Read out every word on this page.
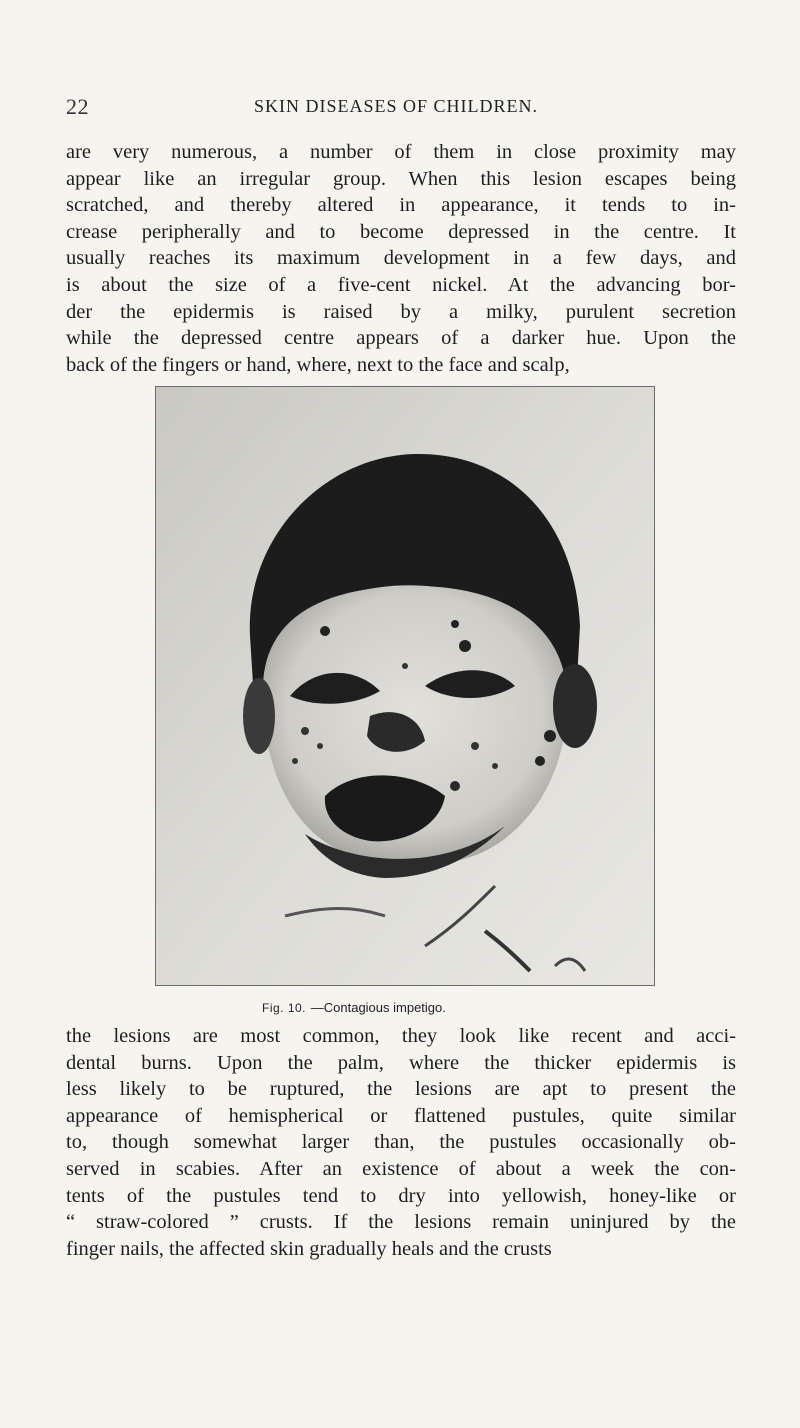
22	SKIN DISEASES OF CHILDREN.
are very numerous, a number of them in close proximity may
appear like an irregular group. When this lesion escapes being
scratched, and thereby altered in appearance, it tends to in-
crease peripherally and to become depressed in the centre. It
usually reaches its maximum development in a few days, and
is about the size of a five-cent nickel. At the advancing bor-
der the epidermis is raised by a milky, purulent secretion
while the depressed centre appears of a darker hue. Upon the
back of the fingers or hand, where, next to the face and scalp,
Fig. 10.  —Contagious impetigo.
the lesions are most common, they look like recent and acci-
dental burns. Upon the palm, where the thicker epidermis is
less likely to be ruptured, the lesions are apt to present the
appearance of hemispherical or flattened pustules, quite similar
to, though somewhat larger than, the pustules occasionally ob-
served in scabies. After an existence of about a week the con-
tents of the pustules tend to dry into yellowish, honey-like or
“ straw-colored ” crusts. If the lesions remain uninjured by the
finger nails, the affected skin gradually heals and the crusts
